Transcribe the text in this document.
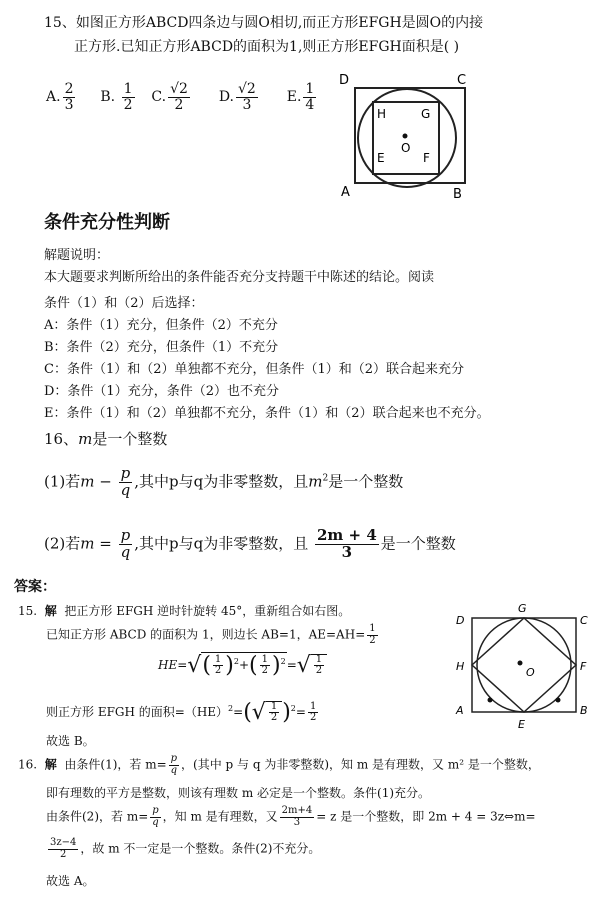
15、如图正方形ABCD四条边与圆O相切,而正方形EFGH是圆O的内接
正方形.已知正方形ABCD的面积为1,则正方形EFGH面积是( )
A. $\frac{2}{3} B$. $\frac{1}{2} C$. $\frac{√2}{2} D$. $\frac{√2}{3} E$. $\frac{1}{4}$
D	C
A	B
H	G
E	F
O
条件充分性判断
解题说明：
本大题要求判断所给出的条件能否充分支持题干中陈述的结论。阅读
条件（1）和（2）后选择：
A：条件（1）充分，但条件（2）不充分
B：条件（2）充分，但条件（1）不充分
C：条件（1）和（2）单独都不充分，但条件（1）和（2）联合起来充分
D：条件（1）充分，条件（2）也不充分
E：条件（1）和（2）单独都不充分，条件（1）和（2）联合起来也不充分。
16、m是一个整数
(1)若$m - \frac{p}{q}$ ,其中p与q为非零整数，且$m^2$是一个整数
(2)若$m = \frac{p}{q}$ ,其中p与q为非零整数，且 $\frac{2m + 4}{3}$ 是一个整数
答案：
15. 解 把正方形 EFGH 逆时针旋转 45°，重新组合如右图。
已知正方形 ABCD 的面积为 1，则边长 AB=1，$AE=AH= \frac{1}{2}$
$HE=√( \frac{1}{2} )^2+( \frac{1}{2} )^2=√ \frac{1}{2}$
则正方形 EFGH 的面积$=(HE)^2=(√ \frac{1}{2} )^2= \frac{1}{2}$
故选 B。
D	C
G
H	F
A	B
E
O
16. 解 由条件(1)，若 $m= \frac{p}{q}$ ，(其中 p 与 q 为非零整数)，知 m 是有理数，又 m² 是一个整数，
即有理数的平方是整数，则该有理数 m 必定是一个整数。条件(1)充分。
由条件(2)，若 $m= \frac{p}{q}$ ，知 m 是有理数，又 $\frac{2m+4}{3} = z$ 是一个整数，即 2m + 4 = 3z⇔m=
$\frac{3z-4}{2}$ ，故 m 不一定是一个整数。条件(2)不充分。
故选 A。
